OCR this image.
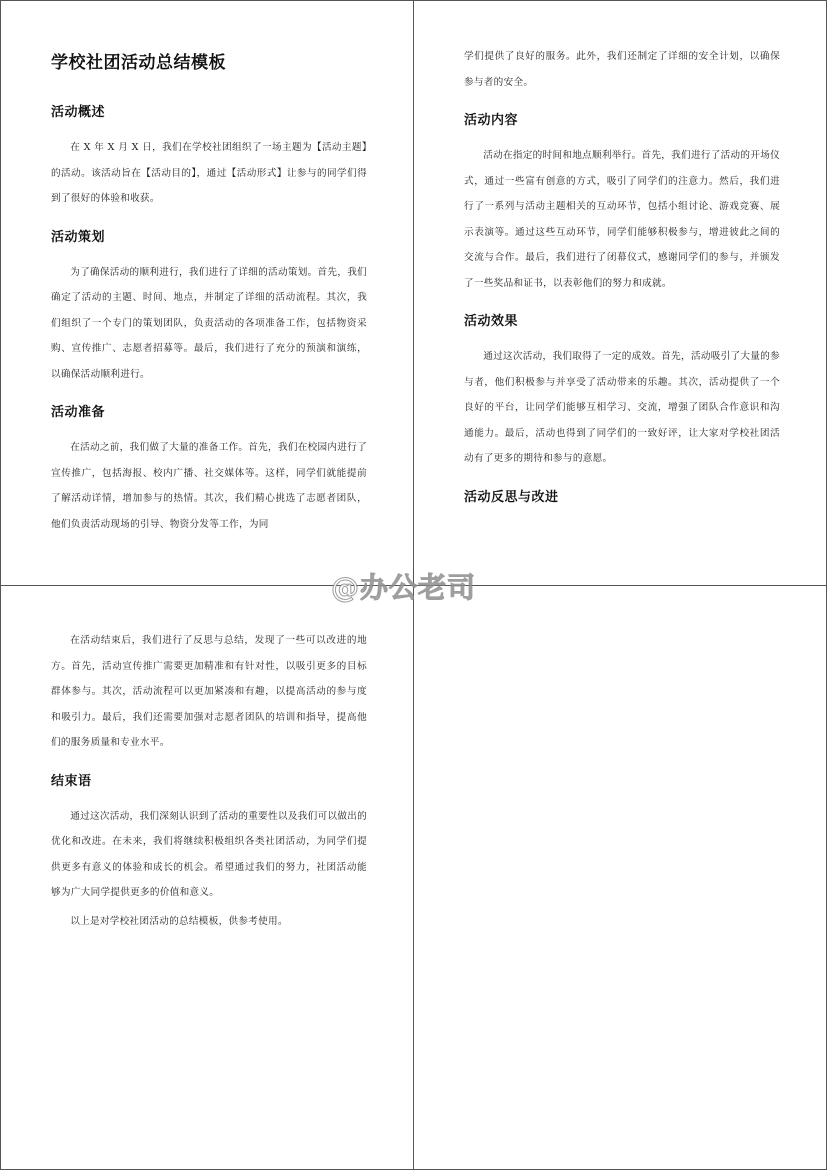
学校社团活动总结模板
活动概述

在 X 年 X 月 X 日，我们在学校社团组织了一场主题为【活动主题】的活动。该活动旨在【活动目的】，通过【活动形式】让参与的同学们得到了很好的体验和收获。

活动策划

为了确保活动的顺利进行，我们进行了详细的活动策划。首先，我们确定了活动的主题、时间、地点，并制定了详细的活动流程。其次，我们组织了一个专门的策划团队，负责活动的各项准备工作，包括物资采购、宣传推广、志愿者招募等。最后，我们进行了充分的预演和演练，以确保活动顺利进行。

活动准备

在活动之前，我们做了大量的准备工作。首先，我们在校园内进行了宣传推广，包括海报、校内广播、社交媒体等。这样，同学们就能提前了解活动详情，增加参与的热情。其次，我们精心挑选了志愿者团队，他们负责活动现场的引导、物资分发等工作，为同

学们提供了良好的服务。此外，我们还制定了详细的安全计划，以确保参与者的安全。

活动内容

活动在指定的时间和地点顺利举行。首先，我们进行了活动的开场仪式，通过一些富有创意的方式，吸引了同学们的注意力。然后，我们进行了一系列与活动主题相关的互动环节，包括小组讨论、游戏竞赛、展示表演等。通过这些互动环节，同学们能够积极参与，增进彼此之间的交流与合作。最后，我们进行了闭幕仪式，感谢同学们的参与，并颁发了一些奖品和证书，以表彰他们的努力和成就。

活动效果

通过这次活动，我们取得了一定的成效。首先，活动吸引了大量的参与者，他们积极参与并享受了活动带来的乐趣。其次，活动提供了一个良好的平台，让同学们能够互相学习、交流，增强了团队合作意识和沟通能力。最后，活动也得到了同学们的一致好评，让大家对学校社团活动有了更多的期待和参与的意愿。

活动反思与改进

在活动结束后，我们进行了反思与总结，发现了一些可以改进的地方。首先，活动宣传推广需要更加精准和有针对性，以吸引更多的目标群体参与。其次，活动流程可以更加紧凑和有趣，以提高活动的参与度和吸引力。最后，我们还需要加强对志愿者团队的培训和指导，提高他们的服务质量和专业水平。

结束语

通过这次活动，我们深刻认识到了活动的重要性以及我们可以做出的优化和改进。在未来，我们将继续积极组织各类社团活动，为同学们提供更多有意义的体验和成长的机会。希望通过我们的努力，社团活动能够为广大同学提供更多的价值和意义。

以上是对学校社团活动的总结模板，供参考使用。

@办公老司
